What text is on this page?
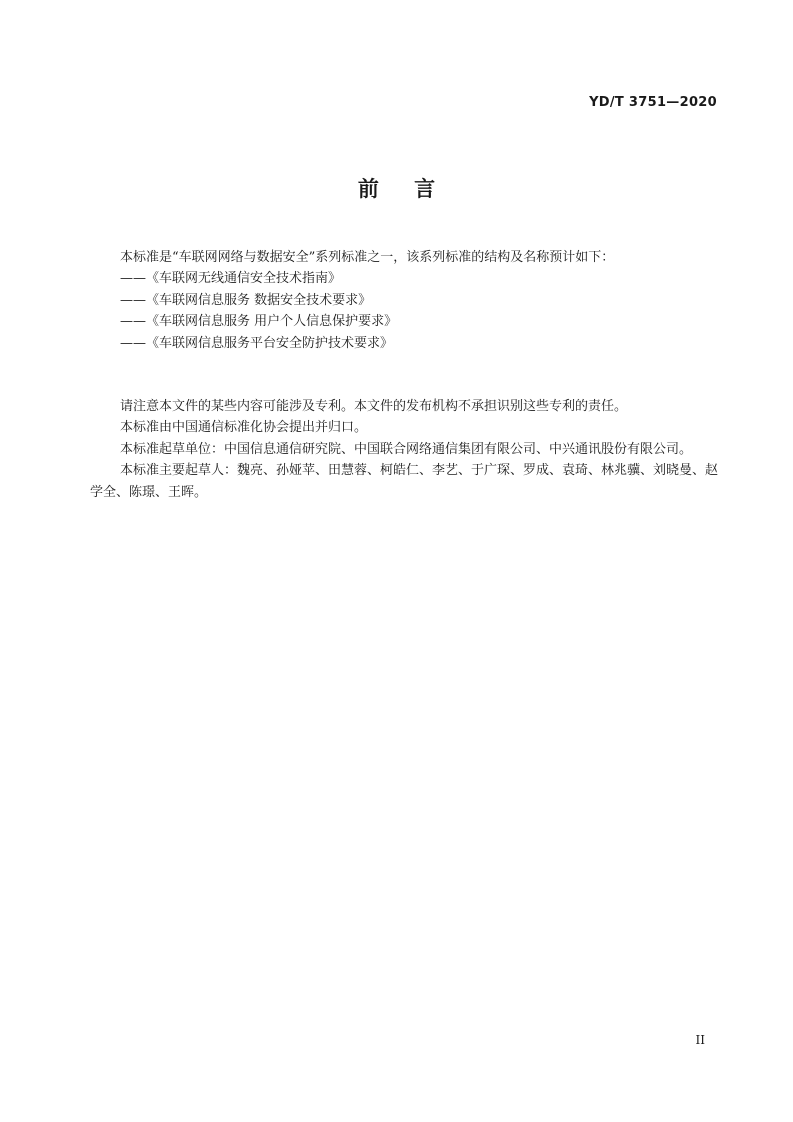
YD/T 3751—2020
前 言
本标准是“车联网网络与数据安全”系列标准之一，该系列标准的结构及名称预计如下：
——《车联网无线通信安全技术指南》
——《车联网信息服务 数据安全技术要求》
——《车联网信息服务 用户个人信息保护要求》
——《车联网信息服务平台安全防护技术要求》
请注意本文件的某些内容可能涉及专利。本文件的发布机构不承担识别这些专利的责任。
本标准由中国通信标准化协会提出并归口。
本标准起草单位：中国信息通信研究院、中国联合网络通信集团有限公司、中兴通讯股份有限公司。
本标准主要起草人：魏亮、孙娅苹、田慧蓉、柯皓仁、李艺、于广琛、罗成、袁琦、林兆骥、刘晓曼、赵学全、陈璟、王晖。
II
